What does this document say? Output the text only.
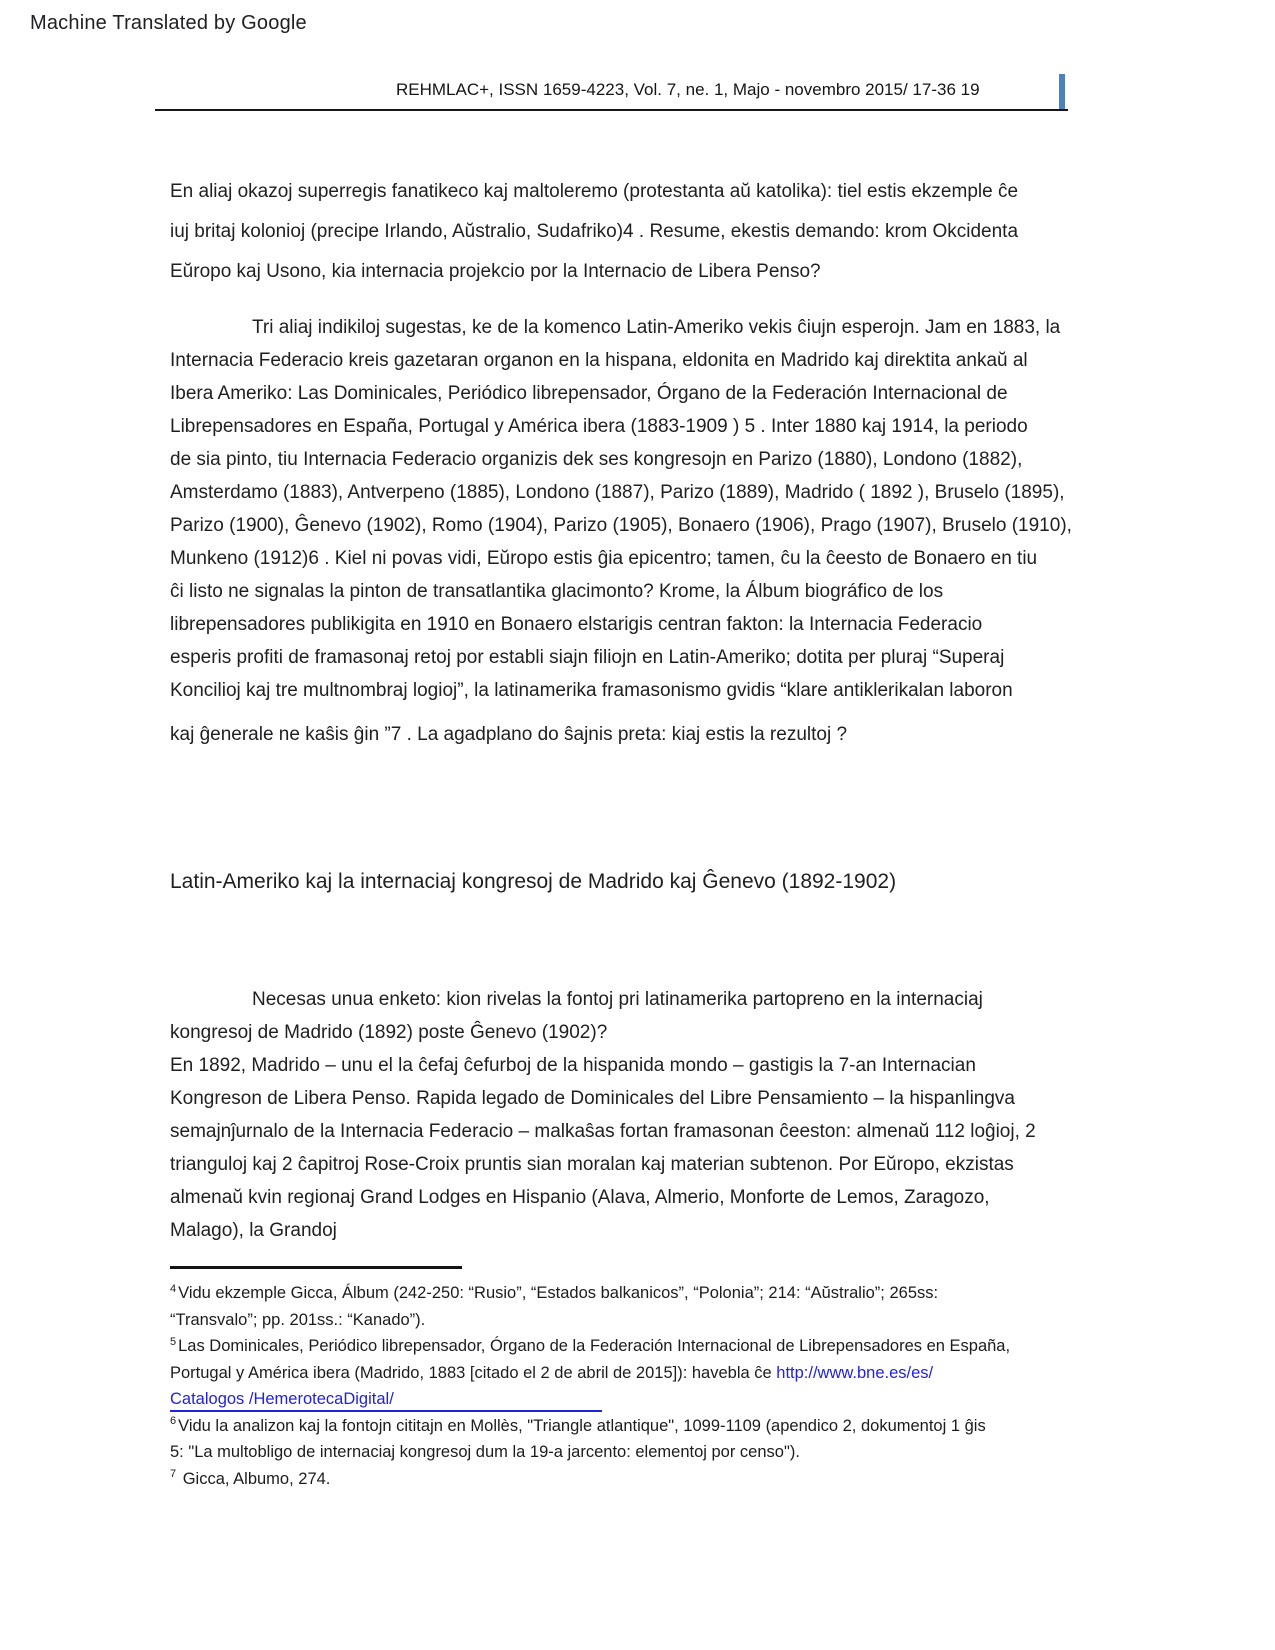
Machine Translated by Google
REHMLAC+, ISSN 1659-4223, Vol. 7, ne. 1, Majo - novembro 2015/ 17-36 19
En aliaj okazoj superregis fanatikeco kaj maltoleremo (protestanta aŭ katolika): tiel estis ekzemple ĉe
iuj britaj kolonioj (precipe Irlando, Aŭstralio, Sudafriko)4 . Resume, ekestis demando: krom Okcidenta
Eŭropo kaj Usono, kia internacia projekcio por la Internacio de Libera Penso?
Tri aliaj indikiloj sugestas, ke de la komenco Latin-Ameriko vekis ĉiujn esperojn. Jam en 1883, la
Internacia Federacio kreis gazetaran organon en la hispana, eldonita en Madrido kaj direktita ankaŭ al
Ibera Ameriko: Las Dominicales, Periódico librepensador, Órgano de la Federación Internacional de
Librepensadores en España, Portugal y América ibera (1883-1909 ) 5 . Inter 1880 kaj 1914, la periodo
de sia pinto, tiu Internacia Federacio organizis dek ses kongresojn en Parizo (1880), Londono (1882),
Amsterdamo (1883), Antverpeno (1885), Londono (1887), Parizo (1889), Madrido ( 1892 ), Bruselo (1895),
Parizo (1900), Ĝenevo (1902), Romo (1904), Parizo (1905), Bonaero (1906), Prago (1907), Bruselo (1910),
Munkeno (1912)6 . Kiel ni povas vidi, Eŭropo estis ĝia epicentro; tamen, ĉu la ĉeesto de Bonaero en tiu
ĉi listo ne signalas la pinton de transatlantika glacimonto? Krome, la Álbum biográfico de los
librepensadores publikigita en 1910 en Bonaero elstarigis centran fakton: la Internacia Federacio
esperis profiti de framasonaj retoj por establi siajn filiojn en Latin-Ameriko; dotita per pluraj “Superaj
Koncilioj kaj tre multnombraj logioj”, la latinamerika framasonismo gvidis “klare antiklerikalan laboron
kaj ĝenerale ne kaŝis ĝin ”7 . La agadplano do ŝajnis preta: kiaj estis la rezultoj ?
Latin-Ameriko kaj la internaciaj kongresoj de Madrido kaj Ĝenevo (1892-1902)
Necesas unua enketo: kion rivelas la fontoj pri latinamerika partopreno en la internaciaj
kongresoj de Madrido (1892) poste Ĝenevo (1902)?
En 1892, Madrido – unu el la ĉefaj ĉefurboj de la hispanida mondo – gastigis la 7-an Internacian
Kongreson de Libera Penso. Rapida legado de Dominicales del Libre Pensamiento – la hispanlingva
semajnĵurnalo de la Internacia Federacio – malkaŝas fortan framasonan ĉeeston: almenaŭ 112 loĝioj, 2
trianguloj kaj 2 ĉapitroj Rose-Croix pruntis sian moralan kaj materian subtenon. Por Eŭropo, ekzistas
almenaŭ kvin regionaj Grand Lodges en Hispanio (Alava, Almerio, Monforte de Lemos, Zaragozo,
Malago), la Grandoj
$^4$ Vidu ekzemple Gicca, Álbum (242-250: “Rusio”, “Estados balkanicos”, “Polonia”; 214: “Aŭstralio”; 265ss:
“Transvalo”; pp. 201ss.: “Kanado”).
$^5$ Las Dominicales, Periódico librepensador, Órgano de la Federación Internacional de Librepensadores en España,
Portugal y América ibera (Madrido, 1883 [citado el 2 de abril de 2015]): havebla ĉe http://www.bne.es/es/
Catalogos /HemerotecaDigital/
$^6$ Vidu la analizon kaj la fontojn cititajn en Mollès, "Triangle atlantique", 1099-1109 (apendico 2, dokumentoj 1 ĝis
5: "La multobligo de internaciaj kongresoj dum la 19-a jarcento: elementoj por censo").
$^7$ Gicca, Albumo, 274.
